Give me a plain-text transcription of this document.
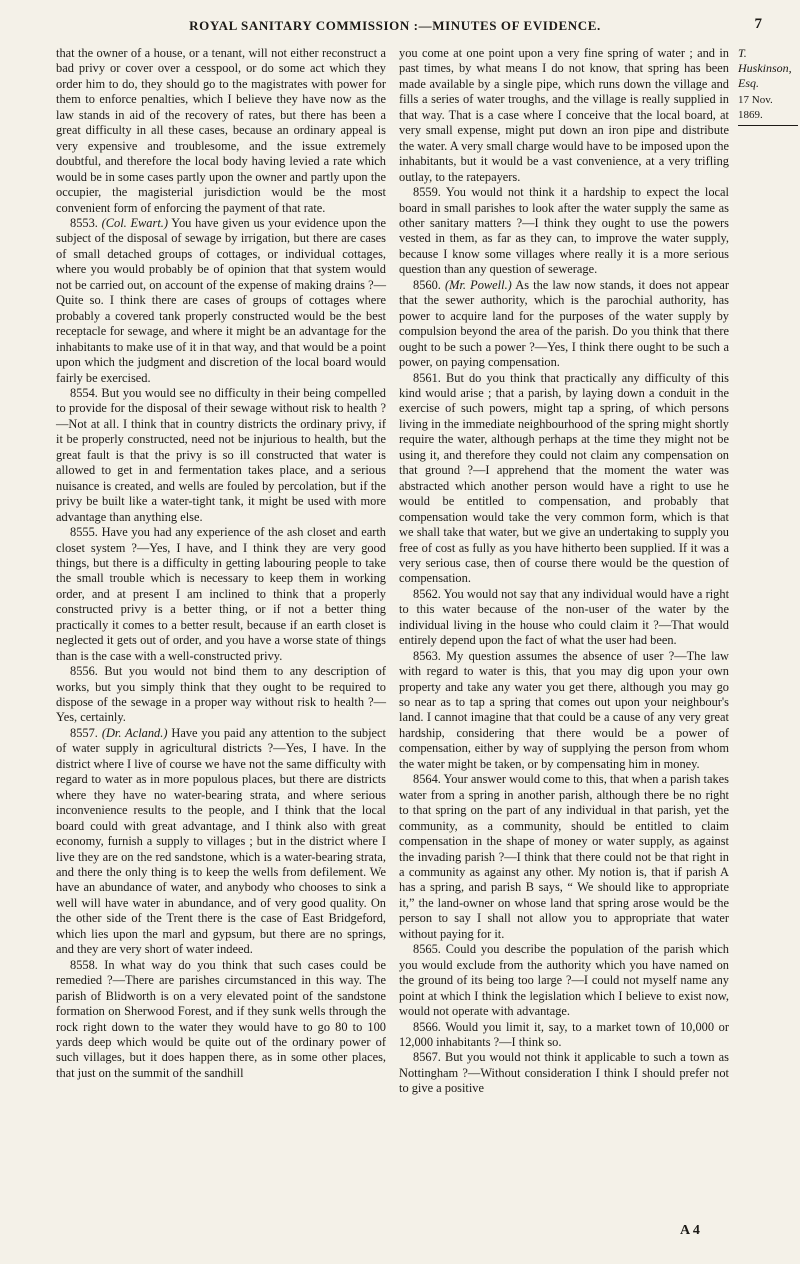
ROYAL SANITARY COMMISSION :—MINUTES OF EVIDENCE.	7
T. Huskinson, Esq.
17 Nov. 1869.

that the owner of a house, or a tenant, will not either reconstruct a bad privy or cover over a cesspool, or do some act which they order him to do, they should go to the magistrates with power for them to enforce penalties, which I believe they have now as the law stands in aid of the recovery of rates, but there has been a great difficulty in all these cases, because an ordinary appeal is very expensive and troublesome, and the issue extremely doubtful, and therefore the local body having levied a rate which would be in some cases partly upon the owner and partly upon the occupier, the magisterial jurisdiction would be the most convenient form of enforcing the payment of that rate.

8553. (Col. Ewart.) You have given us your evidence upon the subject of the disposal of sewage by irrigation, but there are cases of small detached groups of cottages, or individual cottages, where you would probably be of opinion that that system would not be carried out, on account of the expense of making drains ?—Quite so. I think there are cases of groups of cottages where probably a covered tank properly constructed would be the best receptacle for sewage, and where it might be an advantage for the inhabitants to make use of it in that way, and that would be a point upon which the judgment and discretion of the local board would fairly be exercised.

8554. But you would see no difficulty in their being compelled to provide for the disposal of their sewage without risk to health ?—Not at all. I think that in country districts the ordinary privy, if it be properly constructed, need not be injurious to health, but the great fault is that the privy is so ill constructed that water is allowed to get in and fermentation takes place, and a serious nuisance is created, and wells are fouled by percolation, but if the privy be built like a water-tight tank, it might be used with more advantage than anything else.

8555. Have you had any experience of the ash closet and earth closet system ?—Yes, I have, and I think they are very good things, but there is a difficulty in getting labouring people to take the small trouble which is necessary to keep them in working order, and at present I am inclined to think that a properly constructed privy is a better thing, or if not a better thing practically it comes to a better result, because if an earth closet is neglected it gets out of order, and you have a worse state of things than is the case with a well-constructed privy.

8556. But you would not bind them to any description of works, but you simply think that they ought to be required to dispose of the sewage in a proper way without risk to health ?—Yes, certainly.

8557. (Dr. Acland.) Have you paid any attention to the subject of water supply in agricultural districts ?—Yes, I have. In the district where I live of course we have not the same difficulty with regard to water as in more populous places, but there are districts where they have no water-bearing strata, and where serious inconvenience results to the people, and I think that the local board could with great advantage, and I think also with great economy, furnish a supply to villages ; but in the district where I live they are on the red sandstone, which is a water-bearing strata, and there the only thing is to keep the wells from defilement. We have an abundance of water, and anybody who chooses to sink a well will have water in abundance, and of very good quality. On the other side of the Trent there is the case of East Bridgeford, which lies upon the marl and gypsum, but there are no springs, and they are very short of water indeed.

8558. In what way do you think that such cases could be remedied ?—There are parishes circumstanced in this way. The parish of Blidworth is on a very elevated point of the sandstone formation on Sherwood Forest, and if they sunk wells through the rock right down to the water they would have to go 80 to 100 yards deep which would be quite out of the ordinary power of such villages, but it does happen there, as in some other places, that just on the summit of the sandhill

you come at one point upon a very fine spring of water ; and in past times, by what means I do not know, that spring has been made available by a single pipe, which runs down the village and fills a series of water troughs, and the village is really supplied in that way. That is a case where I conceive that the local board, at very small expense, might put down an iron pipe and distribute the water. A very small charge would have to be imposed upon the inhabitants, but it would be a vast convenience, at a very trifling outlay, to the ratepayers.

8559. You would not think it a hardship to expect the local board in small parishes to look after the water supply the same as other sanitary matters ?—I think they ought to use the powers vested in them, as far as they can, to improve the water supply, because I know some villages where really it is a more serious question than any question of sewerage.

8560. (Mr. Powell.) As the law now stands, it does not appear that the sewer authority, which is the parochial authority, has power to acquire land for the purposes of the water supply by compulsion beyond the area of the parish. Do you think that there ought to be such a power ?—Yes, I think there ought to be such a power, on paying compensation.

8561. But do you think that practically any difficulty of this kind would arise ; that a parish, by laying down a conduit in the exercise of such powers, might tap a spring, of which persons living in the immediate neighbourhood of the spring might shortly require the water, although perhaps at the time they might not be using it, and therefore they could not claim any compensation on that ground ?—I apprehend that the moment the water was abstracted which another person would have a right to use he would be entitled to compensation, and probably that compensation would take the very common form, which is that we shall take that water, but we give an undertaking to supply you free of cost as fully as you have hitherto been supplied. If it was a very serious case, then of course there would be the question of compensation.

8562. You would not say that any individual would have a right to this water because of the non-user of the water by the individual living in the house who could claim it ?—That would entirely depend upon the fact of what the user had been.

8563. My question assumes the absence of user ?—The law with regard to water is this, that you may dig upon your own property and take any water you get there, although you may go so near as to tap a spring that comes out upon your neighbour's land. I cannot imagine that that could be a cause of any very great hardship, considering that there would be a power of compensation, either by way of supplying the person from whom the water might be taken, or by compensating him in money.

8564. Your answer would come to this, that when a parish takes water from a spring in another parish, although there be no right to that spring on the part of any individual in that parish, yet the community, as a community, should be entitled to claim compensation in the shape of money or water supply, as against the invading parish ?—I think that there could not be that right in a community as against any other. My notion is, that if parish A has a spring, and parish B says, “ We should like to appropriate it,” the land-owner on whose land that spring arose would be the person to say I shall not allow you to appropriate that water without paying for it.

8565. Could you describe the population of the parish which you would exclude from the authority which you have named on the ground of its being too large ?—I could not myself name any point at which I think the legislation which I believe to exist now, would not operate with advantage.

8566. Would you limit it, say, to a market town of 10,000 or 12,000 inhabitants ?—I think so.

8567. But you would not think it applicable to such a town as Nottingham ?—Without consideration I think I should prefer not to give a positive

A 4
